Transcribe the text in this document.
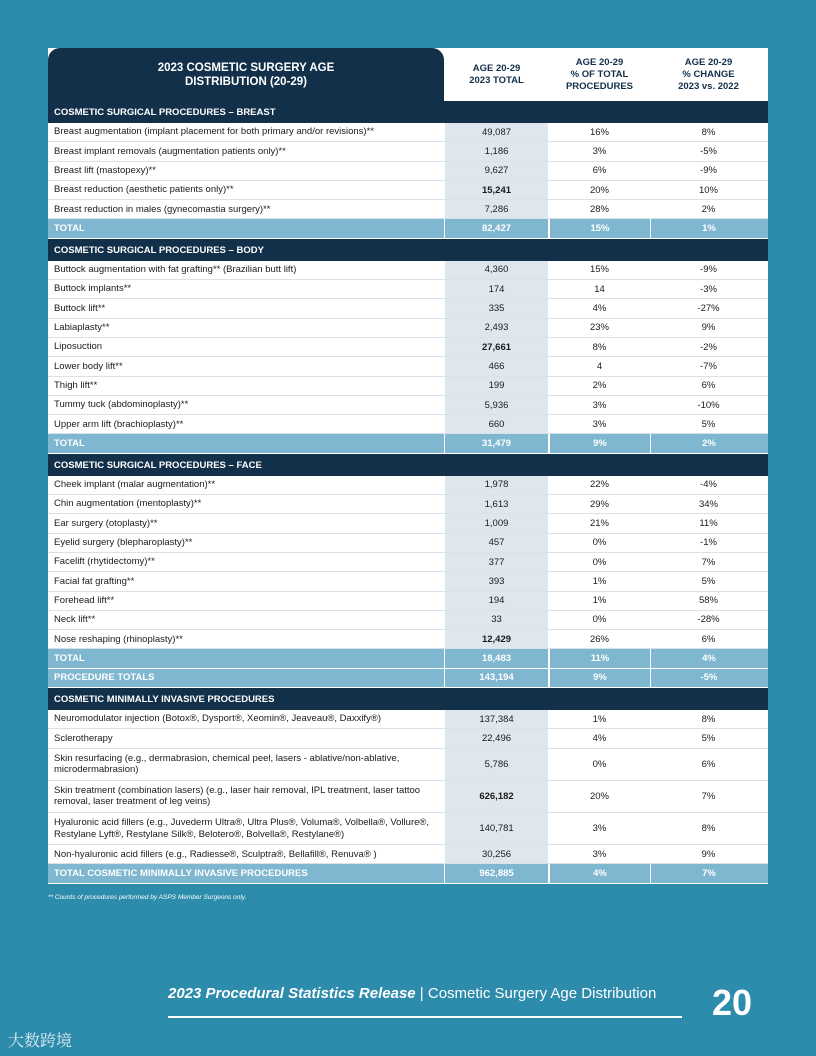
2023 COSMETIC SURGERY AGE
DISTRIBUTION (20-29)
AGE 20-29
2023 TOTAL
AGE 20-29
% OF TOTAL
PROCEDURES
AGE 20-29
% CHANGE
2023 vs. 2022
COSMETIC SURGICAL PROCEDURES – BREAST
Breast augmentation (implant placement for both primary and/or revisions)**	49,087	16%	8%
Breast implant removals (augmentation patients only)**	1,186	3%	-5%
Breast lift (mastopexy)**	9,627	6%	-9%
Breast reduction (aesthetic patients only)**	15,241	20%	10%
Breast reduction in males (gynecomastia surgery)**	7,286	28%	2%
TOTAL	82,427	15%	1%
COSMETIC SURGICAL PROCEDURES – BODY
Buttock augmentation with fat grafting** (Brazilian butt lift)	4,360	15%	-9%
Buttock implants**	174	14	-3%
Buttock lift**	335	4%	-27%
Labiaplasty**	2,493	23%	9%
Liposuction	27,661	8%	-2%
Lower body lift**	466	4	-7%
Thigh lift**	199	2%	6%
Tummy tuck (abdominoplasty)**	5,936	3%	-10%
Upper arm lift (brachioplasty)**	660	3%	5%
TOTAL	31,479	9%	2%
COSMETIC SURGICAL PROCEDURES – FACE
Cheek implant (malar augmentation)**	1,978	22%	-4%
Chin augmentation (mentoplasty)**	1,613	29%	34%
Ear surgery (otoplasty)**	1,009	21%	11%
Eyelid surgery (blepharoplasty)**	457	0%	-1%
Facelift (rhytidectomy)**	377	0%	7%
Facial fat grafting**	393	1%	5%
Forehead lift**	194	1%	58%
Neck lift**	33	0%	-28%
Nose reshaping (rhinoplasty)**	12,429	26%	6%
TOTAL	18,483	11%	4%
PROCEDURE TOTALS	143,194	9%	-5%
COSMETIC MINIMALLY INVASIVE PROCEDURES
Neuromodulator injection (Botox®, Dysport®, Xeomin®, Jeaveau®, Daxxify®)	137,384	1%	8%
Sclerotherapy	22,496	4%	5%
Skin resurfacing (e.g., dermabrasion, chemical peel, lasers - ablative/non-ablative, microdermabrasion)	5,786	0%	6%
Skin treatment (combination lasers) (e.g., laser hair removal, IPL treatment, laser tattoo removal, laser treatment of leg veins)	626,182	20%	7%
Hyaluronic acid fillers (e.g., Juvederm Ultra®, Ultra Plus®, Voluma®, Volbella®, Vollure®, Restylane Lyft®, Restylane Silk®, Belotero®, Bolvella®, Restylane®)	140,781	3%	8%
Non-hyaluronic acid fillers (e.g., Radiesse®, Sculptra®, Bellafill®, Renuva® )	30,256	3%	9%
TOTAL COSMETIC MINIMALLY INVASIVE PROCEDURES	962,885	4%	7%
** Counts of procedures performed by ASPS Member Surgeons only.
2023 Procedural Statistics Release | Cosmetic Surgery Age Distribution 20
大数跨境
